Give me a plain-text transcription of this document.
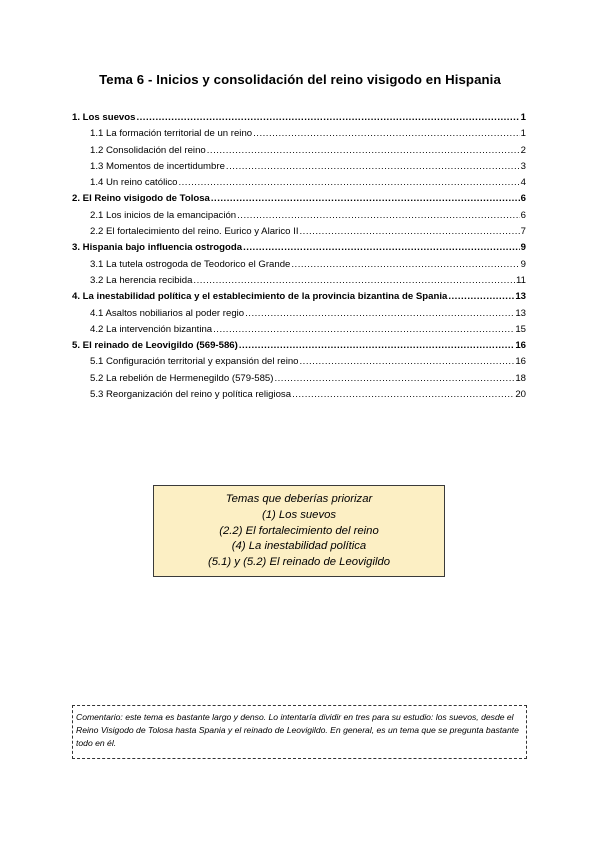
Tema 6 - Inicios y consolidación del reino visigodo en Hispania
1. Los suevos .....	1
1.1 La formación territorial de un reino .....	1
1.2 Consolidación del reino .....	2
1.3 Momentos de incertidumbre .....	3
1.4 Un reino católico .....	4
2. El Reino visigodo de Tolosa .....	6
2.1 Los inicios de la emancipación .....	6
2.2 El fortalecimiento del reino. Eurico y Alarico II .....	7
3. Hispania bajo influencia ostrogoda .....	9
3.1 La tutela ostrogoda de Teodorico el Grande .....	9
3.2 La herencia recibida .....	11
4. La inestabilidad política y el establecimiento de la provincia bizantina de Spania .....	13
4.1 Asaltos nobiliarios al poder regio .....	13
4.2 La intervención bizantina .....	15
5. El reinado de Leovigildo (569-586) .....	16
5.1 Configuración territorial y expansión del reino .....	16
5.2 La rebelión de Hermenegildo (579-585) .....	18
5.3 Reorganización del reino y política religiosa .....	20
Temas que deberías priorizar
(1) Los suevos
(2.2) El fortalecimiento del reino
(4) La inestabilidad política
(5.1) y (5.2) El reinado de Leovigildo
Comentario: este tema es bastante largo y denso. Lo intentaría dividir en tres para su estudio: los suevos, desde el Reino Visigodo de Tolosa hasta Spania y el reinado de Leovigildo. En general, es un tema que se pregunta bastante todo en él.
